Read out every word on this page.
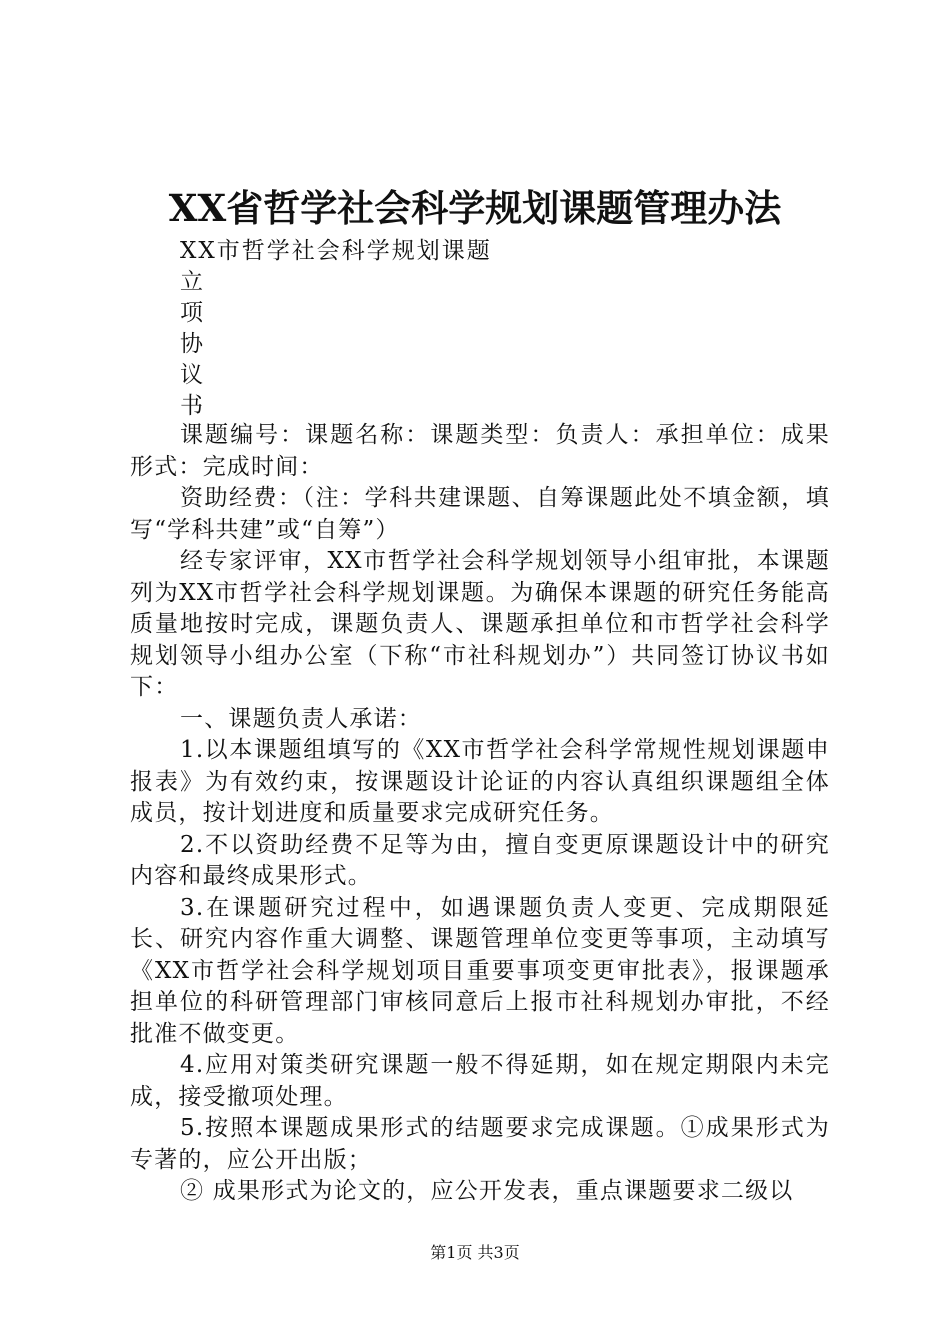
XX省哲学社会科学规划课题管理办法
XX市哲学社会科学规划课题
立
项
协
议
书

课题编号：课题名称：课题类型：负责人：承担单位：成果形式：完成时间：

资助经费：（注：学科共建课题、自筹课题此处不填金额，填写“学科共建”或“自筹”）

经专家评审，XX市哲学社会科学规划领导小组审批，本课题列为XX市哲学社会科学规划课题。为确保本课题的研究任务能高质量地按时完成，课题负责人、课题承担单位和市哲学社会科学规划领导小组办公室（下称“市社科规划办”）共同签订协议书如下：

一、课题负责人承诺：

1.以本课题组填写的《XX市哲学社会科学常规性规划课题申报表》为有效约束，按课题设计论证的内容认真组织课题组全体成员，按计划进度和质量要求完成研究任务。

2.不以资助经费不足等为由，擅自变更原课题设计中的研究内容和最终成果形式。

3.在课题研究过程中，如遇课题负责人变更、完成期限延长、研究内容作重大调整、课题管理单位变更等事项，主动填写《XX市哲学社会科学规划项目重要事项变更审批表》，报课题承担单位的科研管理部门审核同意后上报市社科规划办审批，不经批准不做变更。

4.应用对策类研究课题一般不得延期，如在规定期限内未完成，接受撤项处理。

5.按照本课题成果形式的结题要求完成课题。①成果形式为专著的，应公开出版；

② 成果形式为论文的，应公开发表，重点课题要求二级以

第1页 共3页
